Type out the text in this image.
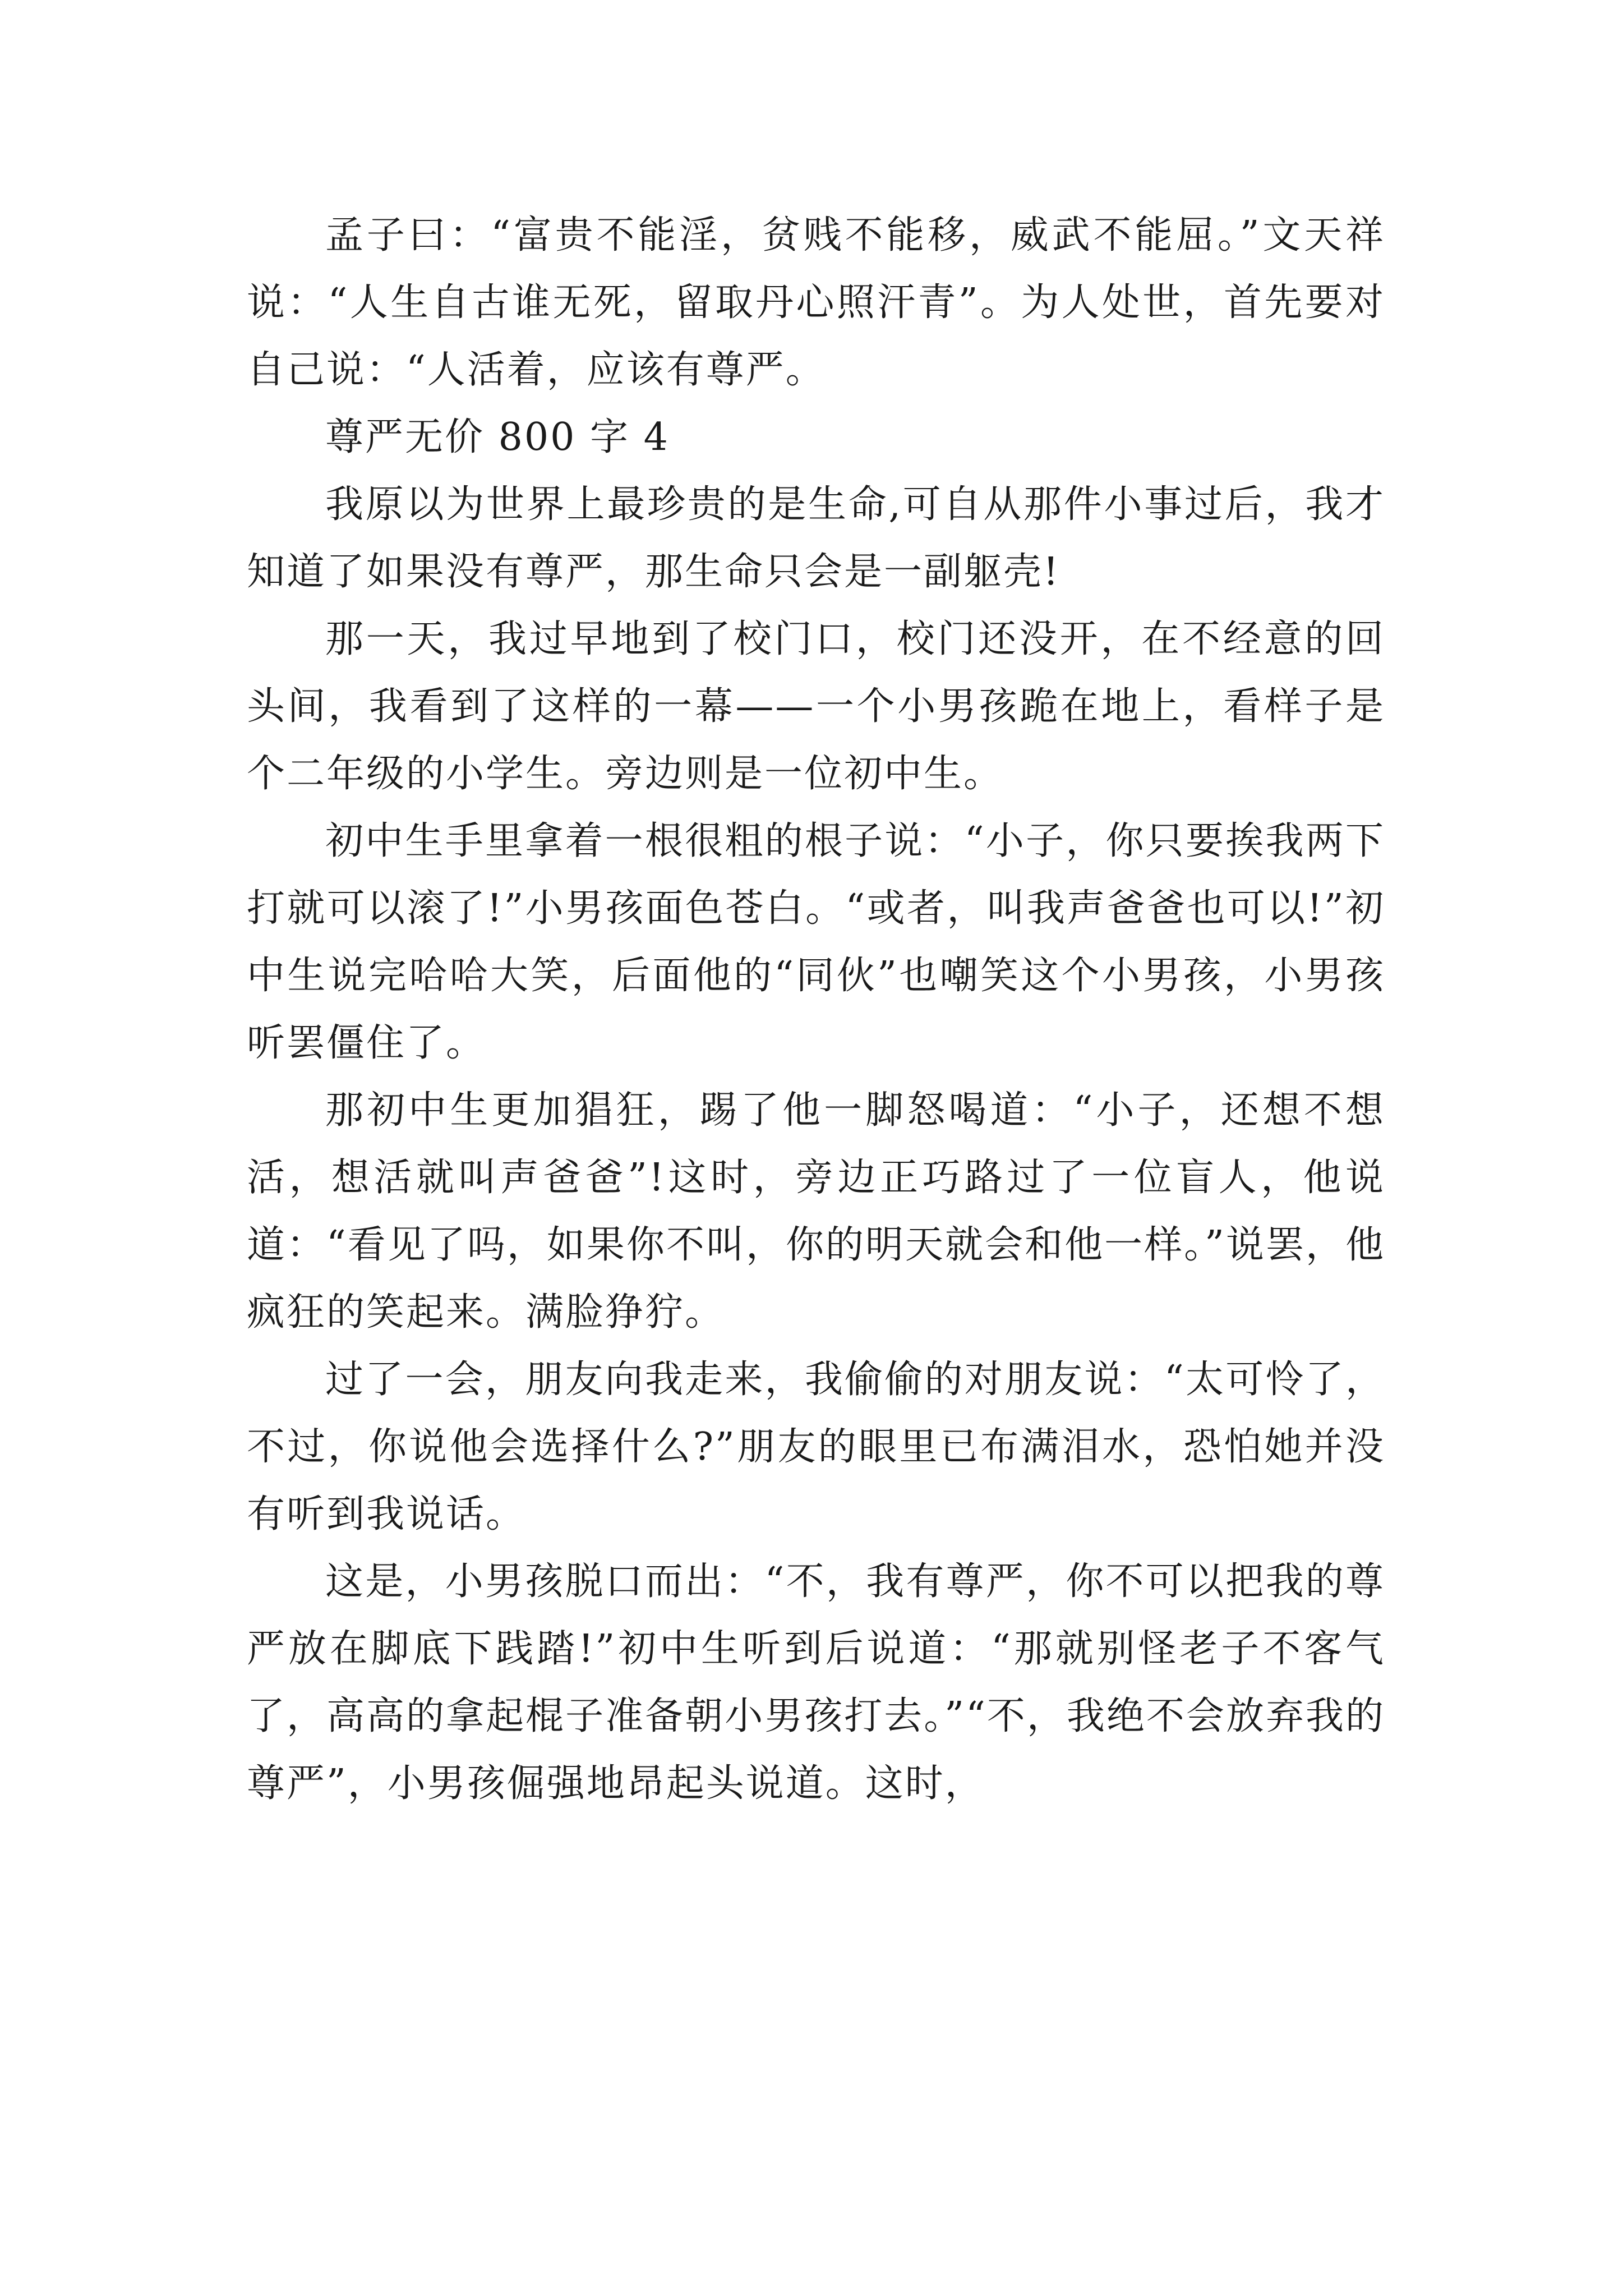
孟子曰：“富贵不能淫，贫贱不能移，威武不能屈。”文天祥说：“人生自古谁无死，留取丹心照汗青”。为人处世，首先要对自己说：“人活着，应该有尊严。

尊严无价 800 字 4

我原以为世界上最珍贵的是生命,可自从那件小事过后，我才知道了如果没有尊严，那生命只会是一副躯壳!

那一天，我过早地到了校门口，校门还没开，在不经意的回头间，我看到了这样的一幕——一个小男孩跪在地上，看样子是个二年级的小学生。旁边则是一位初中生。

初中生手里拿着一根很粗的根子说：“小子，你只要挨我两下打就可以滚了!”小男孩面色苍白。“或者，叫我声爸爸也可以!”初中生说完哈哈大笑，后面他的“同伙”也嘲笑这个小男孩，小男孩听罢僵住了。

那初中生更加猖狂，踢了他一脚怒喝道：“小子，还想不想活，想活就叫声爸爸”!这时，旁边正巧路过了一位盲人，他说道：“看见了吗，如果你不叫，你的明天就会和他一样。”说罢，他疯狂的笑起来。满脸狰狞。

过了一会，朋友向我走来，我偷偷的对朋友说：“太可怜了，不过，你说他会选择什么?”朋友的眼里已布满泪水，恐怕她并没有听到我说话。

这是，小男孩脱口而出：“不，我有尊严，你不可以把我的尊严放在脚底下践踏!”初中生听到后说道：“那就别怪老子不客气了，高高的拿起棍子准备朝小男孩打去。”“不，我绝不会放弃我的尊严”，小男孩倔强地昂起头说道。这时，
